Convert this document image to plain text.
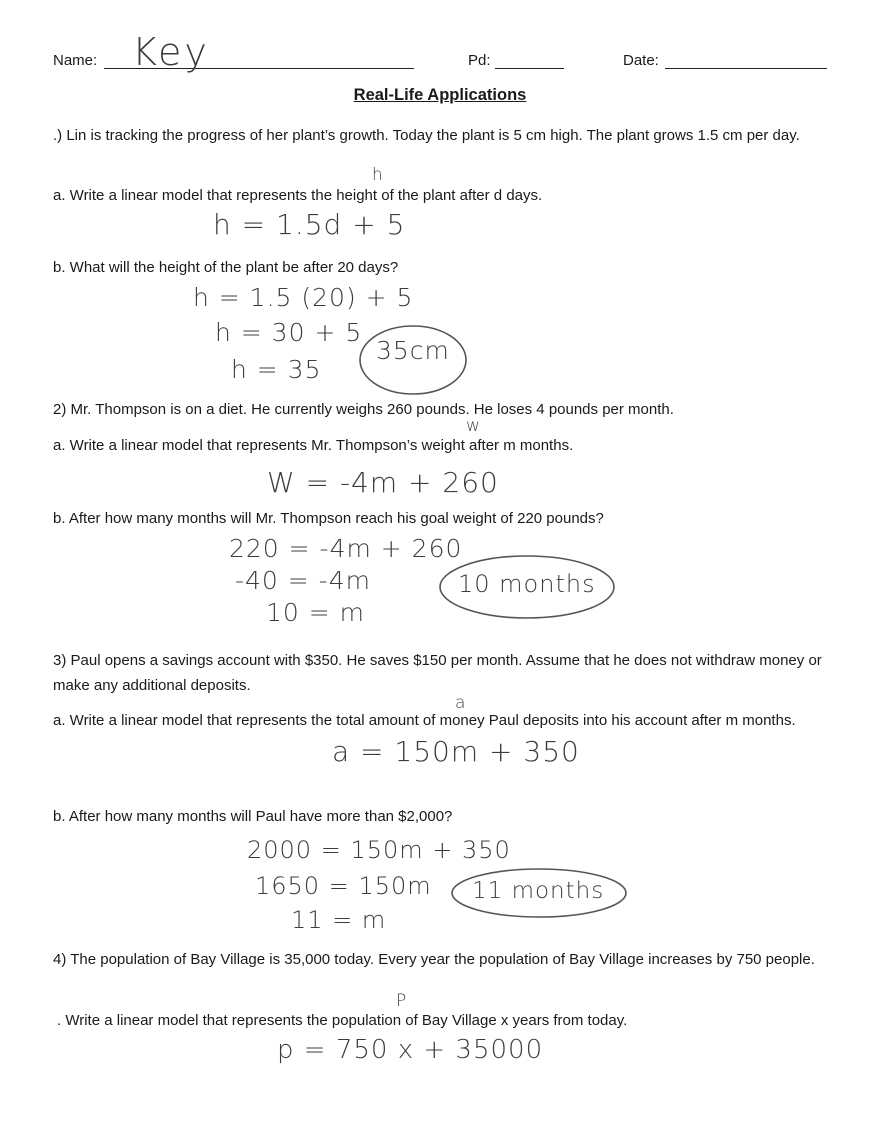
Name: Key	Pd:	Date:
Real-Life Applications
.) Lin is tracking the progress of her plant’s growth. Today the plant is 5 cm high. The plant grows 1.5 cm per day.
a. Write a linear model that represents the height of the plant after d days.
h
h = 1.5d + 5
b. What will the height of the plant be after 20 days?
h = 1.5 (20) + 5
h = 30 + 5
h = 35
35cm
2) Mr. Thompson is on a diet. He currently weighs 260 pounds. He loses 4 pounds per month.
a. Write a linear model that represents Mr. Thompson’s weight after m months.
w
W = -4m + 260
b. After how many months will Mr. Thompson reach his goal weight of 220 pounds?
220 = -4m + 260
-40 = -4m
10 = m
10 months
3) Paul opens a savings account with $350. He saves $150 per month. Assume that he does not withdraw money or make any additional deposits.
a. Write a linear model that represents the total amount of money Paul deposits into his account after m months.
a
a = 150m + 350
b. After how many months will Paul have more than $2,000?
2000 = 150m + 350
1650 = 150m
11 = m
11 months
4) The population of Bay Village is 35,000 today. Every year the population of Bay Village increases by 750 people.
. Write a linear model that represents the population of Bay Village x years from today.
P
p = 750 x + 35000
